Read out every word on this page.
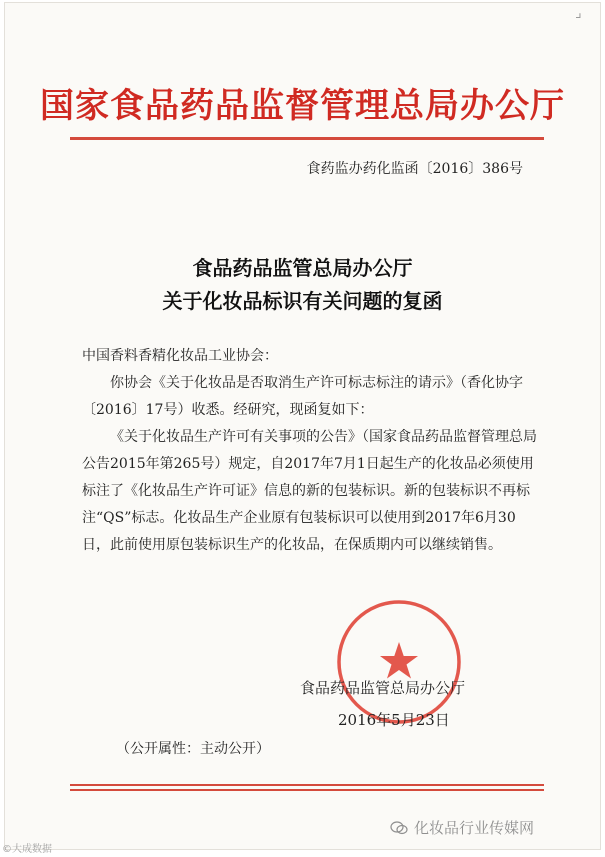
⌟
国家食品药品监督管理总局办公厅
食药监办药化监函〔2016〕386号
食品药品监管总局办公厅
关于化妆品标识有关问题的复函

中国香料香精化妆品工业协会：

你协会《关于化妆品是否取消生产许可标志标注的请示》（香化协字〔2016〕17号）收悉。经研究，现函复如下：

《关于化妆品生产许可有关事项的公告》（国家食品药品监督管理总局公告2015年第265号）规定，自2017年7月1日起生产的化妆品必须使用标注了《化妆品生产许可证》信息的新的包装标识。新的包装标识不再标注“QS”标志。化妆品生产企业原有包装标识可以使用到2017年6月30日，此前使用原包装标识生产的化妆品，在保质期内可以继续销售。

食品药品监管总局办公厅
2016年5月23日
（公开属性：主动公开）
化妆品行业传媒网
©大成数据
